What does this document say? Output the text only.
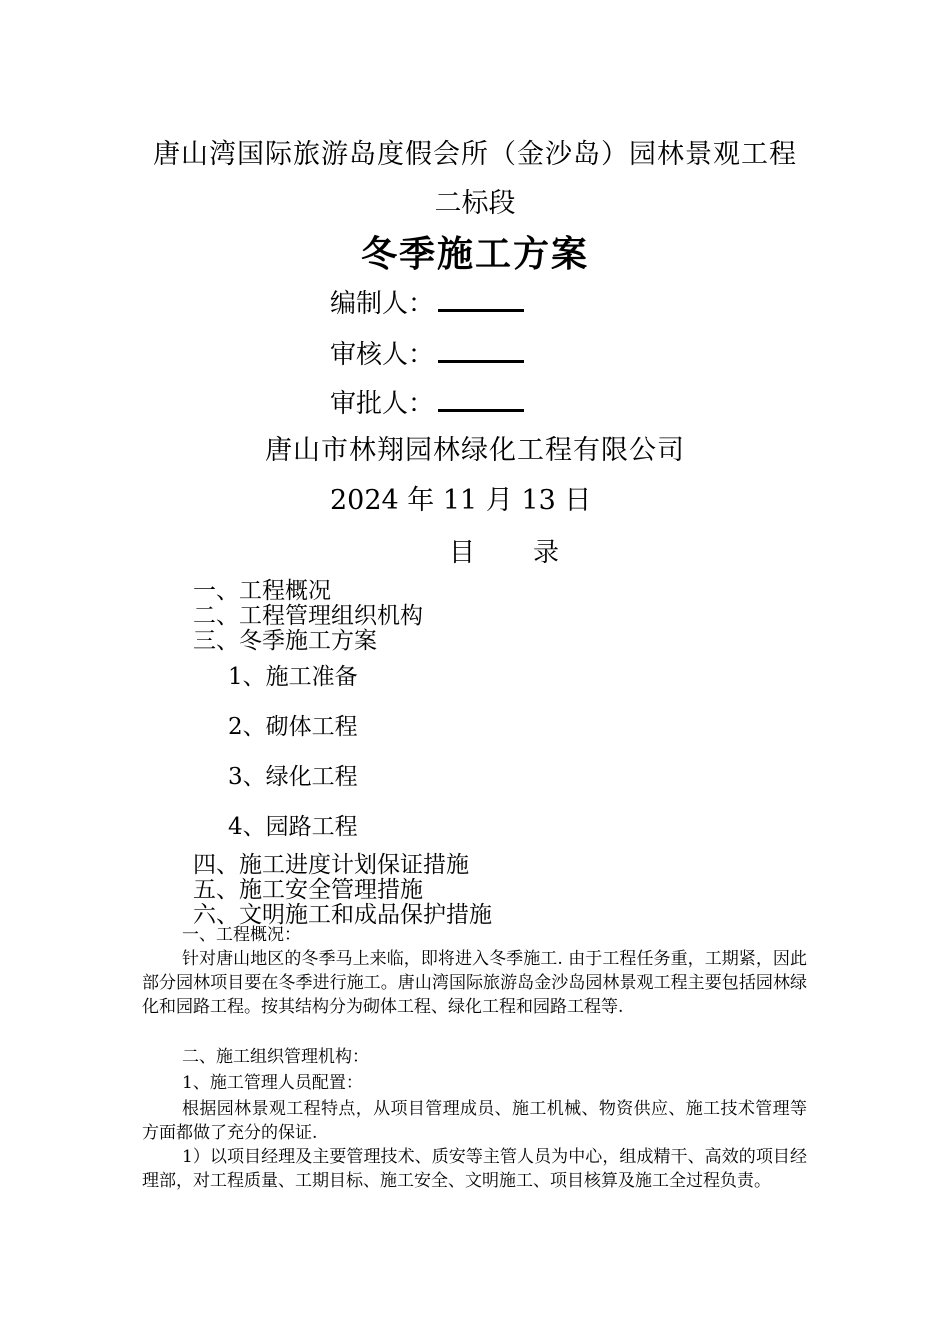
唐山湾国际旅游岛度假会所（金沙岛）园林景观工程
二标段
冬季施工方案
编制人：
审核人：
审批人：
唐山市林翔园林绿化工程有限公司
2024 年 11 月 13 日
目 录
一、工程概况
二、工程管理组织机构
三、冬季施工方案
1、施工准备
2、砌体工程
3、绿化工程
4、园路工程
四、施工进度计划保证措施
五、施工安全管理措施
六、文明施工和成品保护措施
一、工程概况：
针对唐山地区的冬季马上来临，即将进入冬季施工. 由于工程任务重，工期紧，因此部分园林项目要在冬季进行施工。唐山湾国际旅游岛金沙岛园林景观工程主要包括园林绿化和园路工程。按其结构分为砌体工程、绿化工程和园路工程等.
二、施工组织管理机构：
1、施工管理人员配置：
根据园林景观工程特点，从项目管理成员、施工机械、物资供应、施工技术管理等方面都做了充分的保证.
1）以项目经理及主要管理技术、质安等主管人员为中心，组成精干、高效的项目经理部，对工程质量、工期目标、施工安全、文明施工、项目核算及施工全过程负责。
